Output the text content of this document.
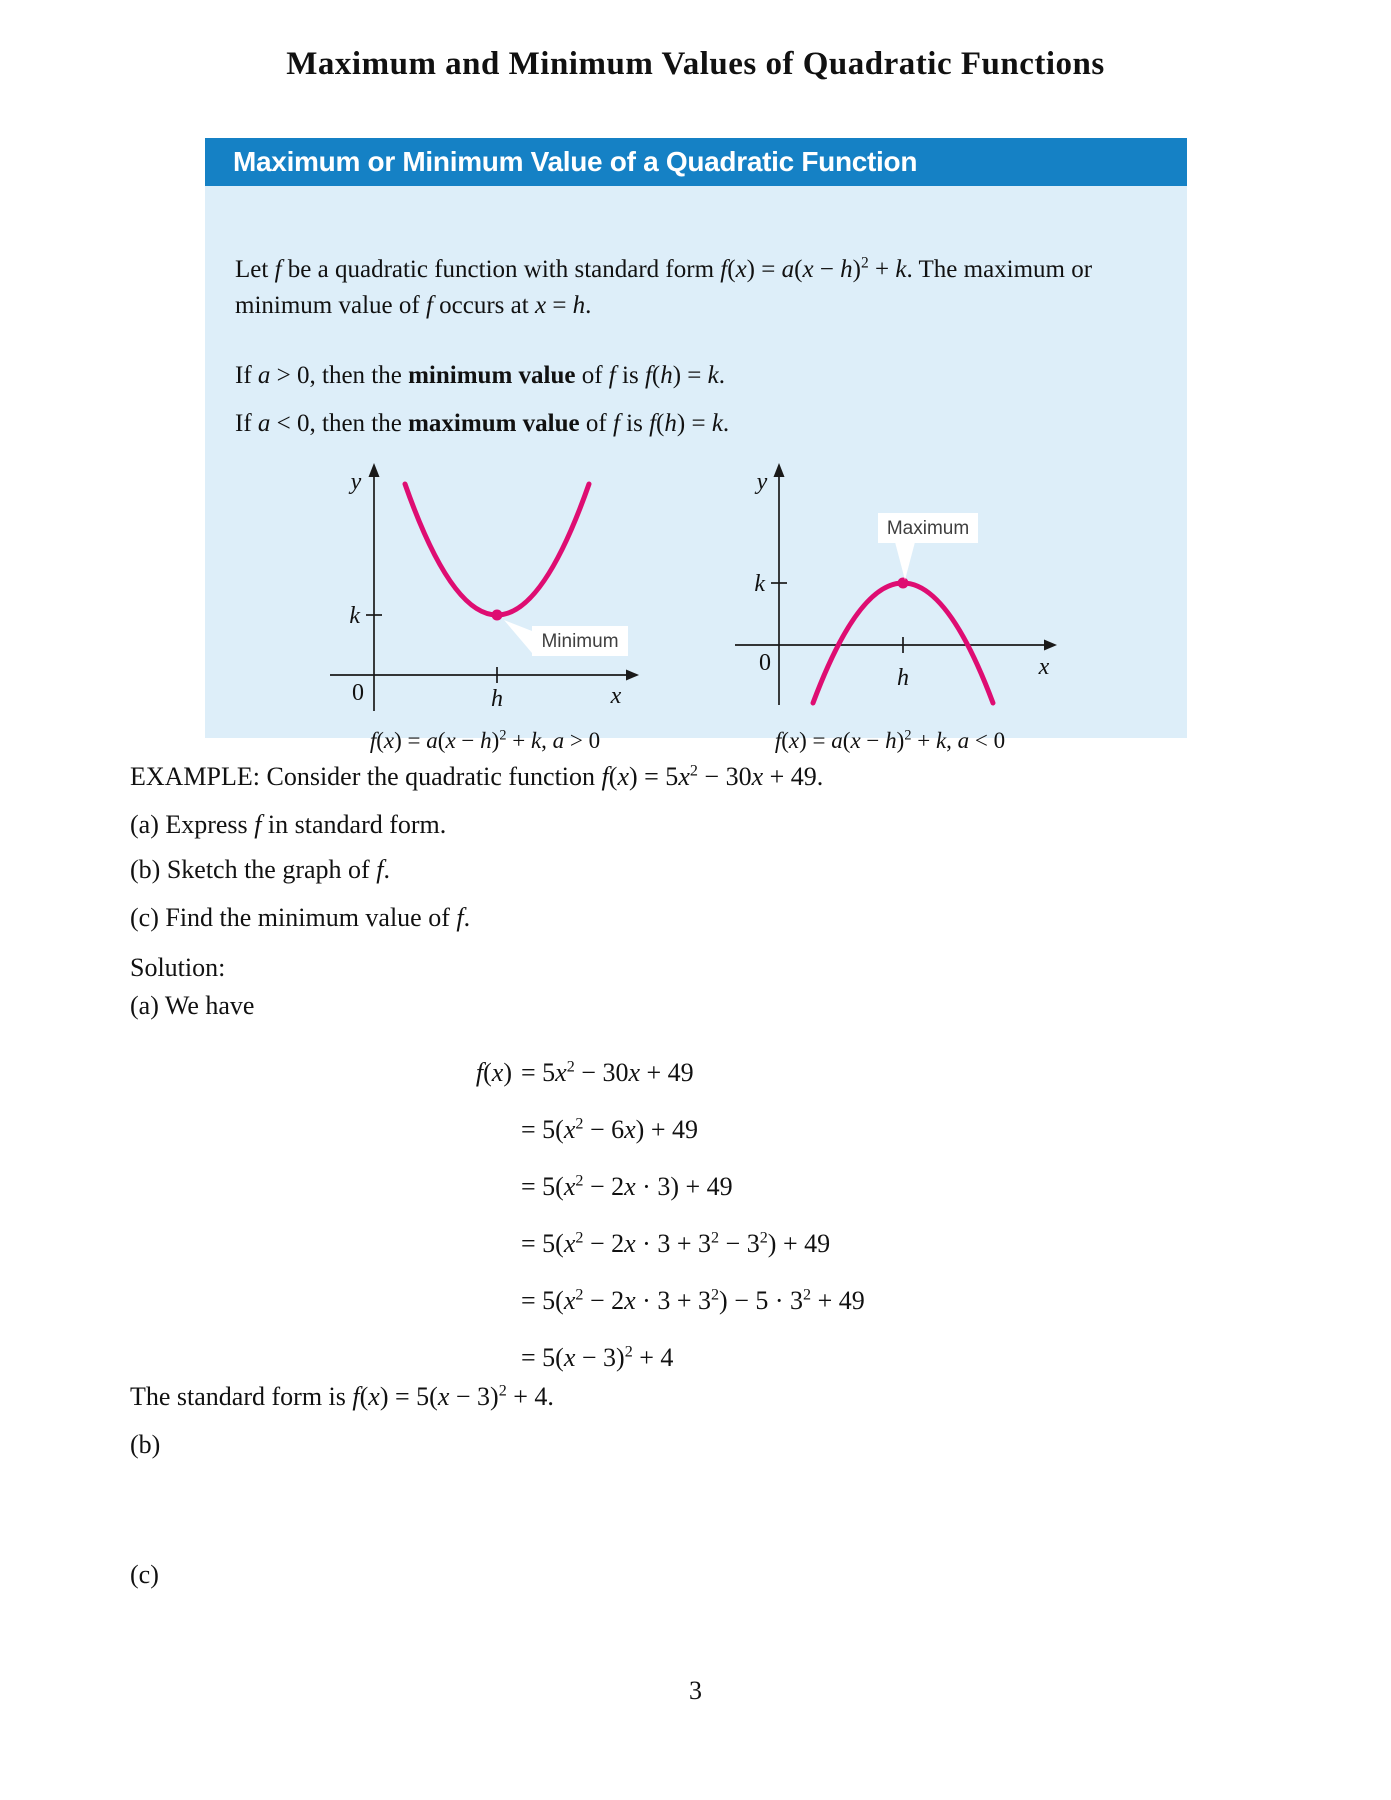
Maximum and Minimum Values of Quadratic Functions
Maximum or Minimum Value of a Quadratic Function
Let f be a quadratic function with standard form $f(x) = a(x - h)^2 + k$. The maximum or minimum value of f occurs at x = h.
If a > 0, then the minimum value of f is f(h) = k.
If a < 0, then the maximum value of f is f(h) = k.
Minimum
y
k
0	h	x
Maximum
y
k
0
h	x
$f(x) = a(x - h)^2 + k$, a > 0	$f(x) = a(x - h)^2 + k$, a < 0
EXAMPLE: Consider the quadratic function $f(x) = 5x^2 - 30x + 49$.
(a) Express f in standard form.
(b) Sketch the graph of f.
(c) Find the minimum value of f.
Solution:
(a) We have
$f(x) = 5x^2 - 30x + 49$
= $5(x^2 - 6x) + 49$
= $5(x^2 - 2x \cdot 3) + 49$
= $5(x^2 - 2x \cdot 3 + 3^2 - 3^2) + 49$
= $5(x^2 - 2x \cdot 3 + 3^2) - 5 \cdot 3^2 + 49$
= $5(x - 3)^2 + 4$
The standard form is $f(x) = 5(x - 3)^2 + 4$.
(b)
(c)
3
